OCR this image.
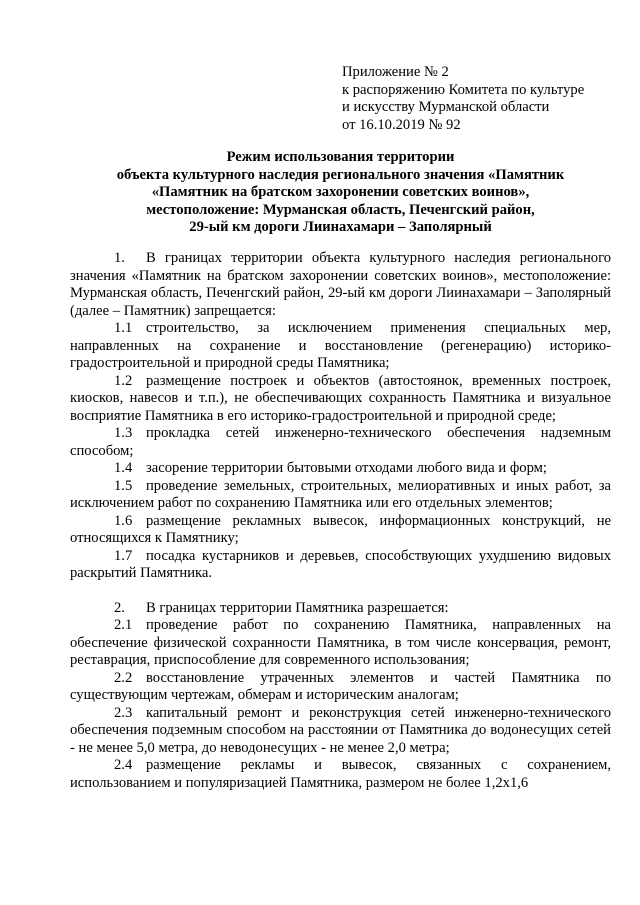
Приложение № 2
к распоряжению Комитета по культуре
и искусству Мурманской области
от 16.10.2019 № 92
Режим использования территории
объекта культурного наследия регионального значения «Памятник
«Памятник на братском захоронении советских воинов»,
местоположение: Мурманская область, Печенгский район,
29-ый км дороги Лиинахамари – Заполярный

1. В границах территории объекта культурного наследия регионального значения «Памятник на братском захоронении советских воинов», местоположение: Мурманская область, Печенгский район, 29-ый км дороги Лиинахамари – Заполярный (далее – Памятник) запрещается:

1.1 строительство, за исключением применения специальных мер, направленных на сохранение и восстановление (регенерацию) историко-градостроительной и природной среды Памятника;

1.2 размещение построек и объектов (автостоянок, временных построек, киосков, навесов и т.п.), не обеспечивающих сохранность Памятника и визуальное восприятие Памятника в его историко-градостроительной и природной среде;

1.3 прокладка сетей инженерно-технического обеспечения надземным способом;

1.4 засорение территории бытовыми отходами любого вида и форм;

1.5 проведение земельных, строительных, мелиоративных и иных работ, за исключением работ по сохранению Памятника или его отдельных элементов;

1.6 размещение рекламных вывесок, информационных конструкций, не относящихся к Памятнику;

1.7 посадка кустарников и деревьев, способствующих ухудшению видовых раскрытий Памятника.

2. В границах территории Памятника разрешается:

2.1 проведение работ по сохранению Памятника, направленных на обеспечение физической сохранности Памятника, в том числе консервация, ремонт, реставрация, приспособление для современного использования;

2.2 восстановление утраченных элементов и частей Памятника по существующим чертежам, обмерам и историческим аналогам;

2.3 капитальный ремонт и реконструкция сетей инженерно-технического обеспечения подземным способом на расстоянии от Памятника до водонесущих сетей - не менее 5,0 метра, до неводонесущих - не менее 2,0 метра;

2.4 размещение рекламы и вывесок, связанных с сохранением, использованием и популяризацией Памятника, размером не более 1,2х1,6
